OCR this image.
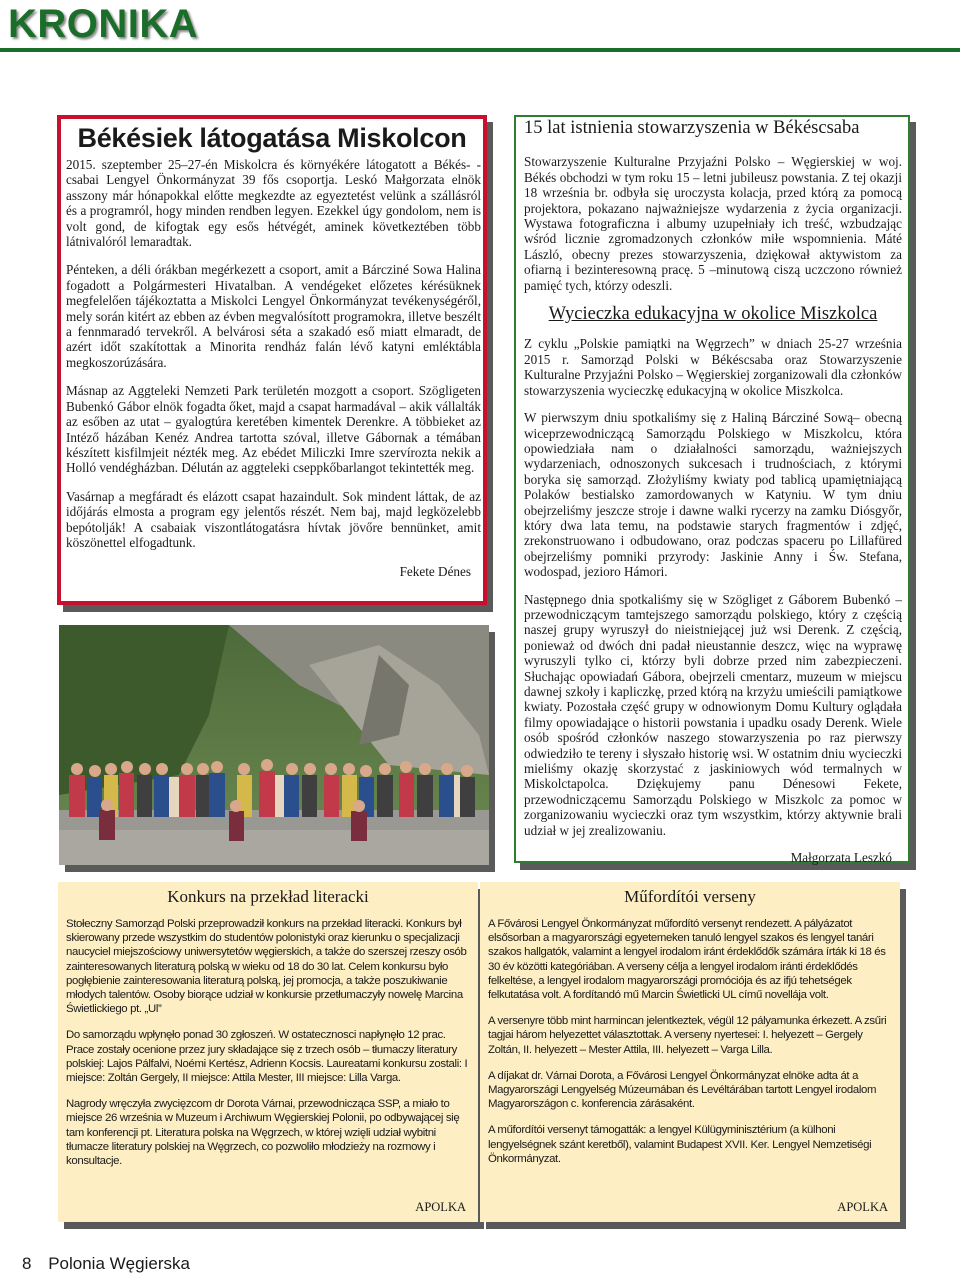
KRONIKA
Békésiek látogatása Miskolcon

2015. szeptember 25–27-én Miskolcra és környékére látogatott a Békés- -csabai Lengyel Önkormányzat 39 fős csoportja. Leskó Małgorzata elnök asszony már hónapokkal előtte megkezdte az egyeztetést velünk a szállásról és a programról, hogy minden rendben legyen. Ezekkel úgy gondolom, nem is volt gond, de kifogtak egy esős hétvégét, aminek következtében több látnivalóról lemaradtak.

Pénteken, a déli órákban megérkezett a csoport, amit a Bárcziné Sowa Halina fogadott a Polgármesteri Hivatalban. A vendégeket előzetes kérésüknek megfelelően tájékoztatta a Miskolci Lengyel Önkormányzat tevékenységéről, mely során kitért az ebben az évben megvalósított programokra, illetve beszélt a fennmaradó tervekről. A belvárosi séta a szakadó eső miatt elmaradt, de azért időt szakítottak a Minorita rendház falán lévő katyni emléktábla megkoszorúzására.

Másnap az Aggteleki Nemzeti Park területén mozgott a csoport. Szögligeten Bubenkó Gábor elnök fogadta őket, majd a csapat harmadával – akik vállalták az esőben az utat – gyalogtúra keretében kimentek Derenkre. A többieket az Intéző házában Kenéz Andrea tartotta szóval, illetve Gábornak a témában készített kisfilmjeit nézték meg. Az ebédet Miliczki Imre szervírozta nekik a Holló vendégházban. Délután az aggteleki cseppkőbarlangot tekintették meg.

Vasárnap a megfáradt és elázott csapat hazaindult. Sok mindent láttak, de az időjárás elmosta a program egy jelentős részét. Nem baj, majd legközelebb bepótolják! A csabaiak viszontlátogatásra hívtak jövőre bennünket, amit köszönettel elfogadtunk.

Fekete Dénes
15 lat istnienia stowarzyszenia w Békéscsaba

Stowarzyszenie Kulturalne Przyjaźni Polsko – Węgierskiej w woj. Békés obchodzi w tym roku 15 – letni jubileusz powstania. Z tej okazji 18 września br. odbyła się uroczysta kolacja, przed którą za pomocą projektora, pokazano najważniejsze wydarzenia z życia organizacji. Wystawa fotograficzna i albumy uzupełniały ich treść, wzbudzając wśród licznie zgromadzonych członków miłe wspomnienia. Máté László, obecny prezes stowarzyszenia, dziękował aktywistom za ofiarną i bezinteresowną pracę. 5 –minutową ciszą uczczono również pamięć tych, którzy odeszli.

Wycieczka edukacyjna w okolice Miszkolca

Z cyklu „Polskie pamiątki na Węgrzech” w dniach 25-27 września 2015 r. Samorząd Polski w Békéscsaba oraz Stowarzyszenie Kulturalne Przyjaźni Polsko – Węgierskiej zorganizowali dla członków stowarzyszenia wycieczkę edukacyjną w okolice Miszkolca.

W pierwszym dniu spotkaliśmy się z Haliną Bárcziné Sową– obecną wiceprzewodniczącą Samorządu Polskiego w Miszkolcu, która opowiedziała nam o działalności samorządu, ważniejszych wydarzeniach, odnoszonych sukcesach i trudnościach, z którymi boryka się samorząd. Złożyliśmy kwiaty pod tablicą upamiętniającą Polaków bestialsko zamordowanych w Katyniu. W tym dniu obejrzeliśmy jeszcze stroje i dawne walki rycerzy na zamku Diósgyőr, który dwa lata temu, na podstawie starych fragmentów i zdjęć, zrekonstruowano i odbudowano, oraz podczas spaceru po Lillafüred obejrzeliśmy pomniki przyrody: Jaskinie Anny i Św. Stefana, wodospad, jezioro Hámori.

Następnego dnia spotkaliśmy się w Szögliget z Gáborem Bubenkó – przewodniczącym tamtejszego samorządu polskiego, który z częścią naszej grupy wyruszył do nieistniejącej już wsi Derenk. Z częścią, ponieważ od dwóch dni padał nieustannie deszcz, więc na wyprawę wyruszyli tylko ci, którzy byli dobrze przed nim zabezpieczeni. Słuchając opowiadań Gábora, obejrzeli cmentarz, muzeum w miejscu dawnej szkoły i kapliczkę, przed którą na krzyżu umieścili pamiątkowe kwiaty. Pozostała część grupy w odnowionym Domu Kultury oglądała filmy opowiadające o historii powstania i upadku osady Derenk. Wiele osób spośród członków naszego stowarzyszenia po raz pierwszy odwiedziło te tereny i słyszało historię wsi. W ostatnim dniu wycieczki mieliśmy okazję skorzystać z jaskiniowych wód termalnych w Miskolctapolca. Dziękujemy panu Dénesowi Fekete, przewodniczącemu Samorządu Polskiego w Miszkolc za pomoc w zorganizowaniu wycieczki oraz tym wszystkim, którzy aktywnie brali udział w jej zrealizowaniu.

Małgorzata Leszkó
Konkurs na przekład literacki

Stołeczny Samorząd Polski przeprowadził konkurs na przekład literacki. Konkurs był skierowany przede wszystkim do studentów polonistyki oraz kierunku o specjalizacji naucyciel miejszościowy uniwersytetów węgierskich, a także do szerszej rzeszy osób zainteresowanych literaturą polską w wieku od 18 do 30 lat. Celem konkursu było pogłębienie zainteresowania literaturą polską, jej promocja, a także poszukiwanie młodych talentów. Osoby biorące udział w konkursie przetłumaczyły nowelę Marcina Świetlickiego pt. „Ul”

Do samorządu wpłynęło ponad 30 zgłoszeń. W ostatecznosci napłynęło 12 prac. Prace zostały ocenione przez jury składające się z trzech osób – tłumaczy literatury polskiej: Lajos Pálfalvi, Noémi Kertész, Adrienn Kocsis. Laureatami konkursu zostali: I miejsce: Zoltán Gergely, II miejsce: Attila Mester, III miejsce: Lilla Varga.

Nagrody wręczyła zwycięzcom dr Dorota Várnai, przewodnicząca SSP, a miało to miejsce 26 września w Muzeum i Archiwum Węgierskiej Polonii, po odbywającej się tam konferencji pt. Literatura polska na Węgrzech, w której wzięli udział wybitni tłumacze literatury polskiej na Węgrzech, co pozwoliło młodzieży na rozmowy i konsultacje.

APOLKA
Műfordítói verseny

A Fővárosi Lengyel Önkormányzat műfordító versenyt rendezett. A pályázatot elsősorban a magyarországi egyetemeken tanuló lengyel szakos és lengyel tanári szakos hallgatók, valamint a lengyel irodalom iránt érdeklődők számára írták ki 18 és 30 év közötti kategóriában. A verseny célja a lengyel irodalom iránti érdeklődés felkeltése, a lengyel irodalom magyarországi promóciója és az ifjú tehetségek felkutatása volt. A fordítandó mű Marcin Świetlicki UL című novellája volt.

A versenyre több mint harmincan jelentkeztek, végül 12 pályamunka érkezett. A zsűri tagjai három helyezettet választottak. A verseny nyertesei: I. helyezett – Gergely Zoltán, II. helyezett – Mester Attila, III. helyezett – Varga Lilla.

A díjakat dr. Várnai Dorota, a Fővárosi Lengyel Önkormányzat elnöke adta át a Magyarországi Lengyelség Múzeumában és Levéltárában tartott Lengyel irodalom Magyarországon c. konferencia zárásaként.

A műfordítói versenyt támogatták: a lengyel Külügyminisztérium (a külhoni lengyelségnek szánt keretből), valamint Budapest XVII. Ker. Lengyel Nemzetiségi Önkormányzat.

APOLKA
8 Polonia Węgierska
